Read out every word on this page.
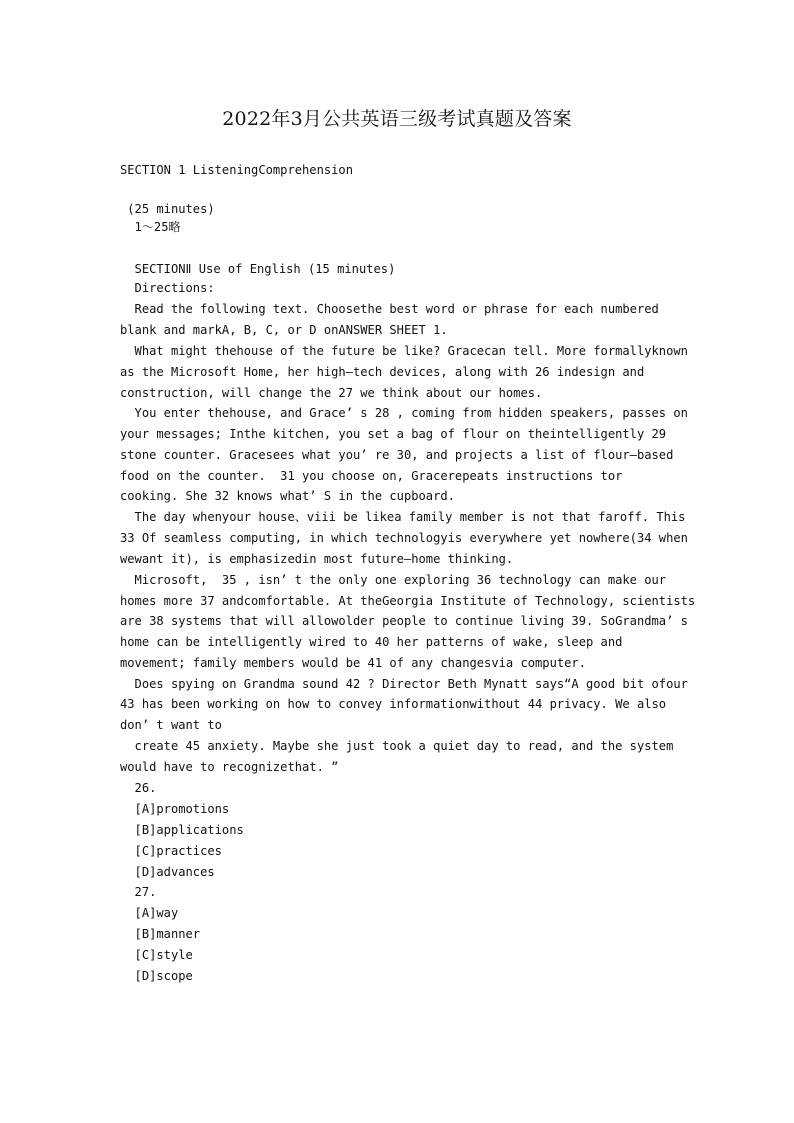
2022年3月公共英语三级考试真题及答案
SECTION 1 ListeningComprehension
(25 minutes)
1～25略
SECTIONⅡ Use of English (15 minutes)
Directions:
Read the following text. Choosethe best word or phrase for each numbered
blank and markA, B, C, or D onANSWER SHEET 1.
What might thehouse of the future be like? Gracecan tell. More formallyknown
as the Microsoft Home, her high—tech devices, along with 26 indesign and
construction, will change the 27 we think about our homes.
You enter thehouse, and Grace’ s 28 , coming from hidden speakers, passes on
your messages; Inthe kitchen, you set a bag of flour on theintelligently 29
stone counter. Gracesees what you’ re 30, and projects a list of flour—based
food on the counter.  31 you choose on, Gracerepeats instructions tor
cooking. She 32 knows what’ S in the cupboard.
The day whenyour house、viii be likea family member is not that faroff. This
33 Of seamless computing, in which technologyis everywhere yet nowhere(34 when
wewant it), is emphasizedin most future—home thinking.
Microsoft,  35 , isn’ t the only one exploring 36 technology can make our
homes more 37 andcomfortable. At theGeorgia Institute of Technology, scientists
are 38 systems that will allowolder people to continue living 39. SoGrandma’ s
home can be intelligently wired to 40 her patterns of wake, sleep and
movement; family members would be 41 of any changesvia computer.
Does spying on Grandma sound 42 ? Director Beth Mynatt says“A good bit ofour
43 has been working on how to convey informationwithout 44 privacy. We also
don’ t want to
create 45 anxiety. Maybe she just took a quiet day to read, and the system
would have to recognizethat. ”
26.
[A]promotions
[B]applications
[C]practices
[D]advances
27.
[A]way
[B]manner
[C]style
[D]scope
